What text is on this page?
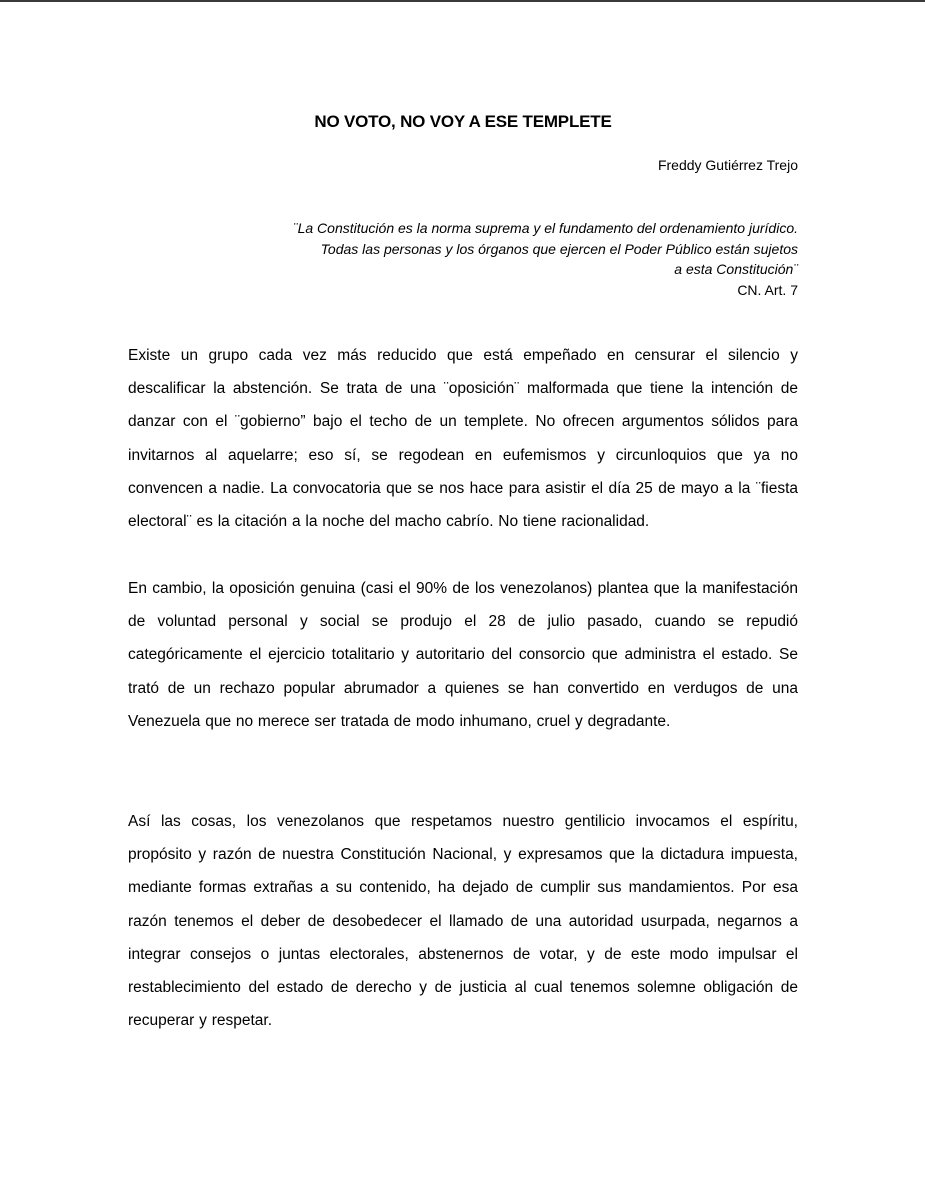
NO VOTO, NO VOY A ESE TEMPLETE

Freddy Gutiérrez Trejo

¨La Constitución es la norma suprema y el fundamento del ordenamiento jurídico.

Todas las personas y los órganos que ejercen el Poder Público están sujetos

a esta Constitución¨

CN. Art. 7

Existe un grupo cada vez más reducido que está empeñado en censurar el silencio y descalificar la abstención. Se trata de una ¨oposición¨ malformada que tiene la intención de danzar con el ¨gobierno” bajo el techo de un templete. No ofrecen argumentos sólidos para invitarnos al aquelarre; eso sí, se regodean en eufemismos y circunloquios que ya no convencen a nadie. La convocatoria que se nos hace para asistir el día 25 de mayo a la ¨fiesta electoral¨ es la citación a la noche del macho cabrío. No tiene racionalidad.

En cambio, la oposición genuina (casi el 90% de los venezolanos) plantea que la manifestación de voluntad personal y social se produjo el 28 de julio pasado, cuando se repudió categóricamente el ejercicio totalitario y autoritario del consorcio que administra el estado. Se trató de un rechazo popular abrumador a quienes se han convertido en verdugos de una Venezuela que no merece ser tratada de modo inhumano, cruel y degradante.

Así las cosas, los venezolanos que respetamos nuestro gentilicio invocamos el espíritu, propósito y razón de nuestra Constitución Nacional, y expresamos que la dictadura impuesta, mediante formas extrañas a su contenido, ha dejado de cumplir sus mandamientos. Por esa razón tenemos el deber de desobedecer el llamado de una autoridad usurpada, negarnos a integrar consejos o juntas electorales, abstenernos de votar, y de este modo impulsar el restablecimiento del estado de derecho y de justicia al cual tenemos solemne obligación de recuperar y respetar.
